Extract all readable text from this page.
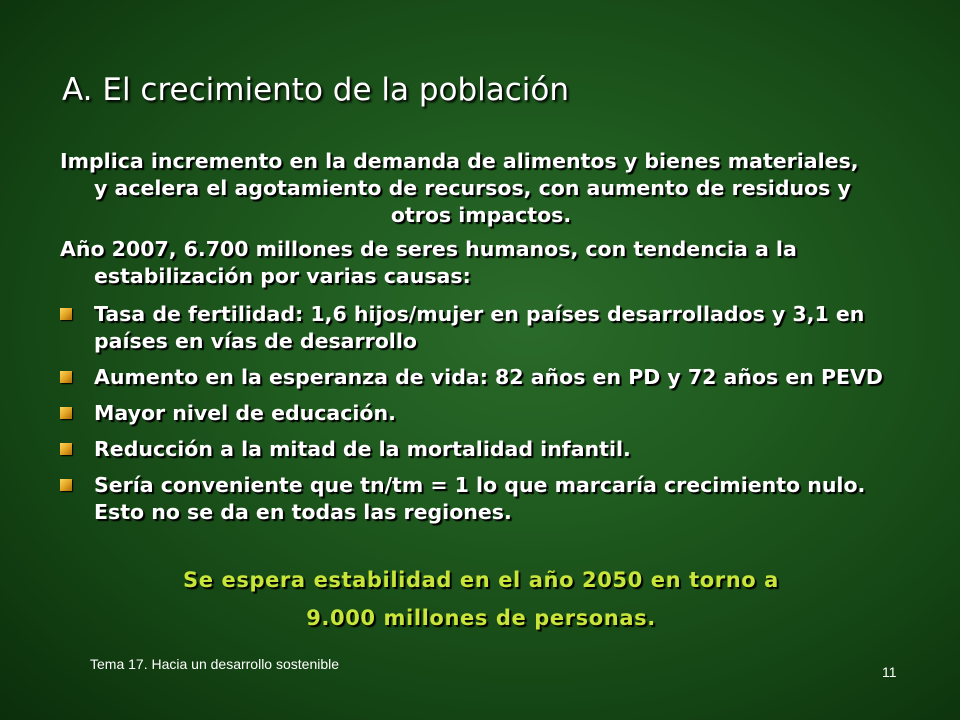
A. El crecimiento de la población
Implica incremento en la demanda de alimentos y bienes materiales,
y acelera el agotamiento de recursos, con aumento de residuos y
otros impactos.
Año 2007, 6.700 millones de seres humanos, con tendencia a la estabilización por varias causas:
Tasa de fertilidad: 1,6 hijos/mujer en países desarrollados y 3,1 en países en vías de desarrollo
Aumento en la esperanza de vida: 82 años en PD y 72 años en PEVD
Mayor nivel de educación.
Reducción a la mitad de la mortalidad infantil.
Sería conveniente que tn/tm = 1 lo que marcaría crecimiento nulo. Esto no se da en todas las regiones.
Se espera estabilidad en el año 2050 en torno a
9.000 millones de personas.
Tema 17. Hacia un desarrollo sostenible	11
